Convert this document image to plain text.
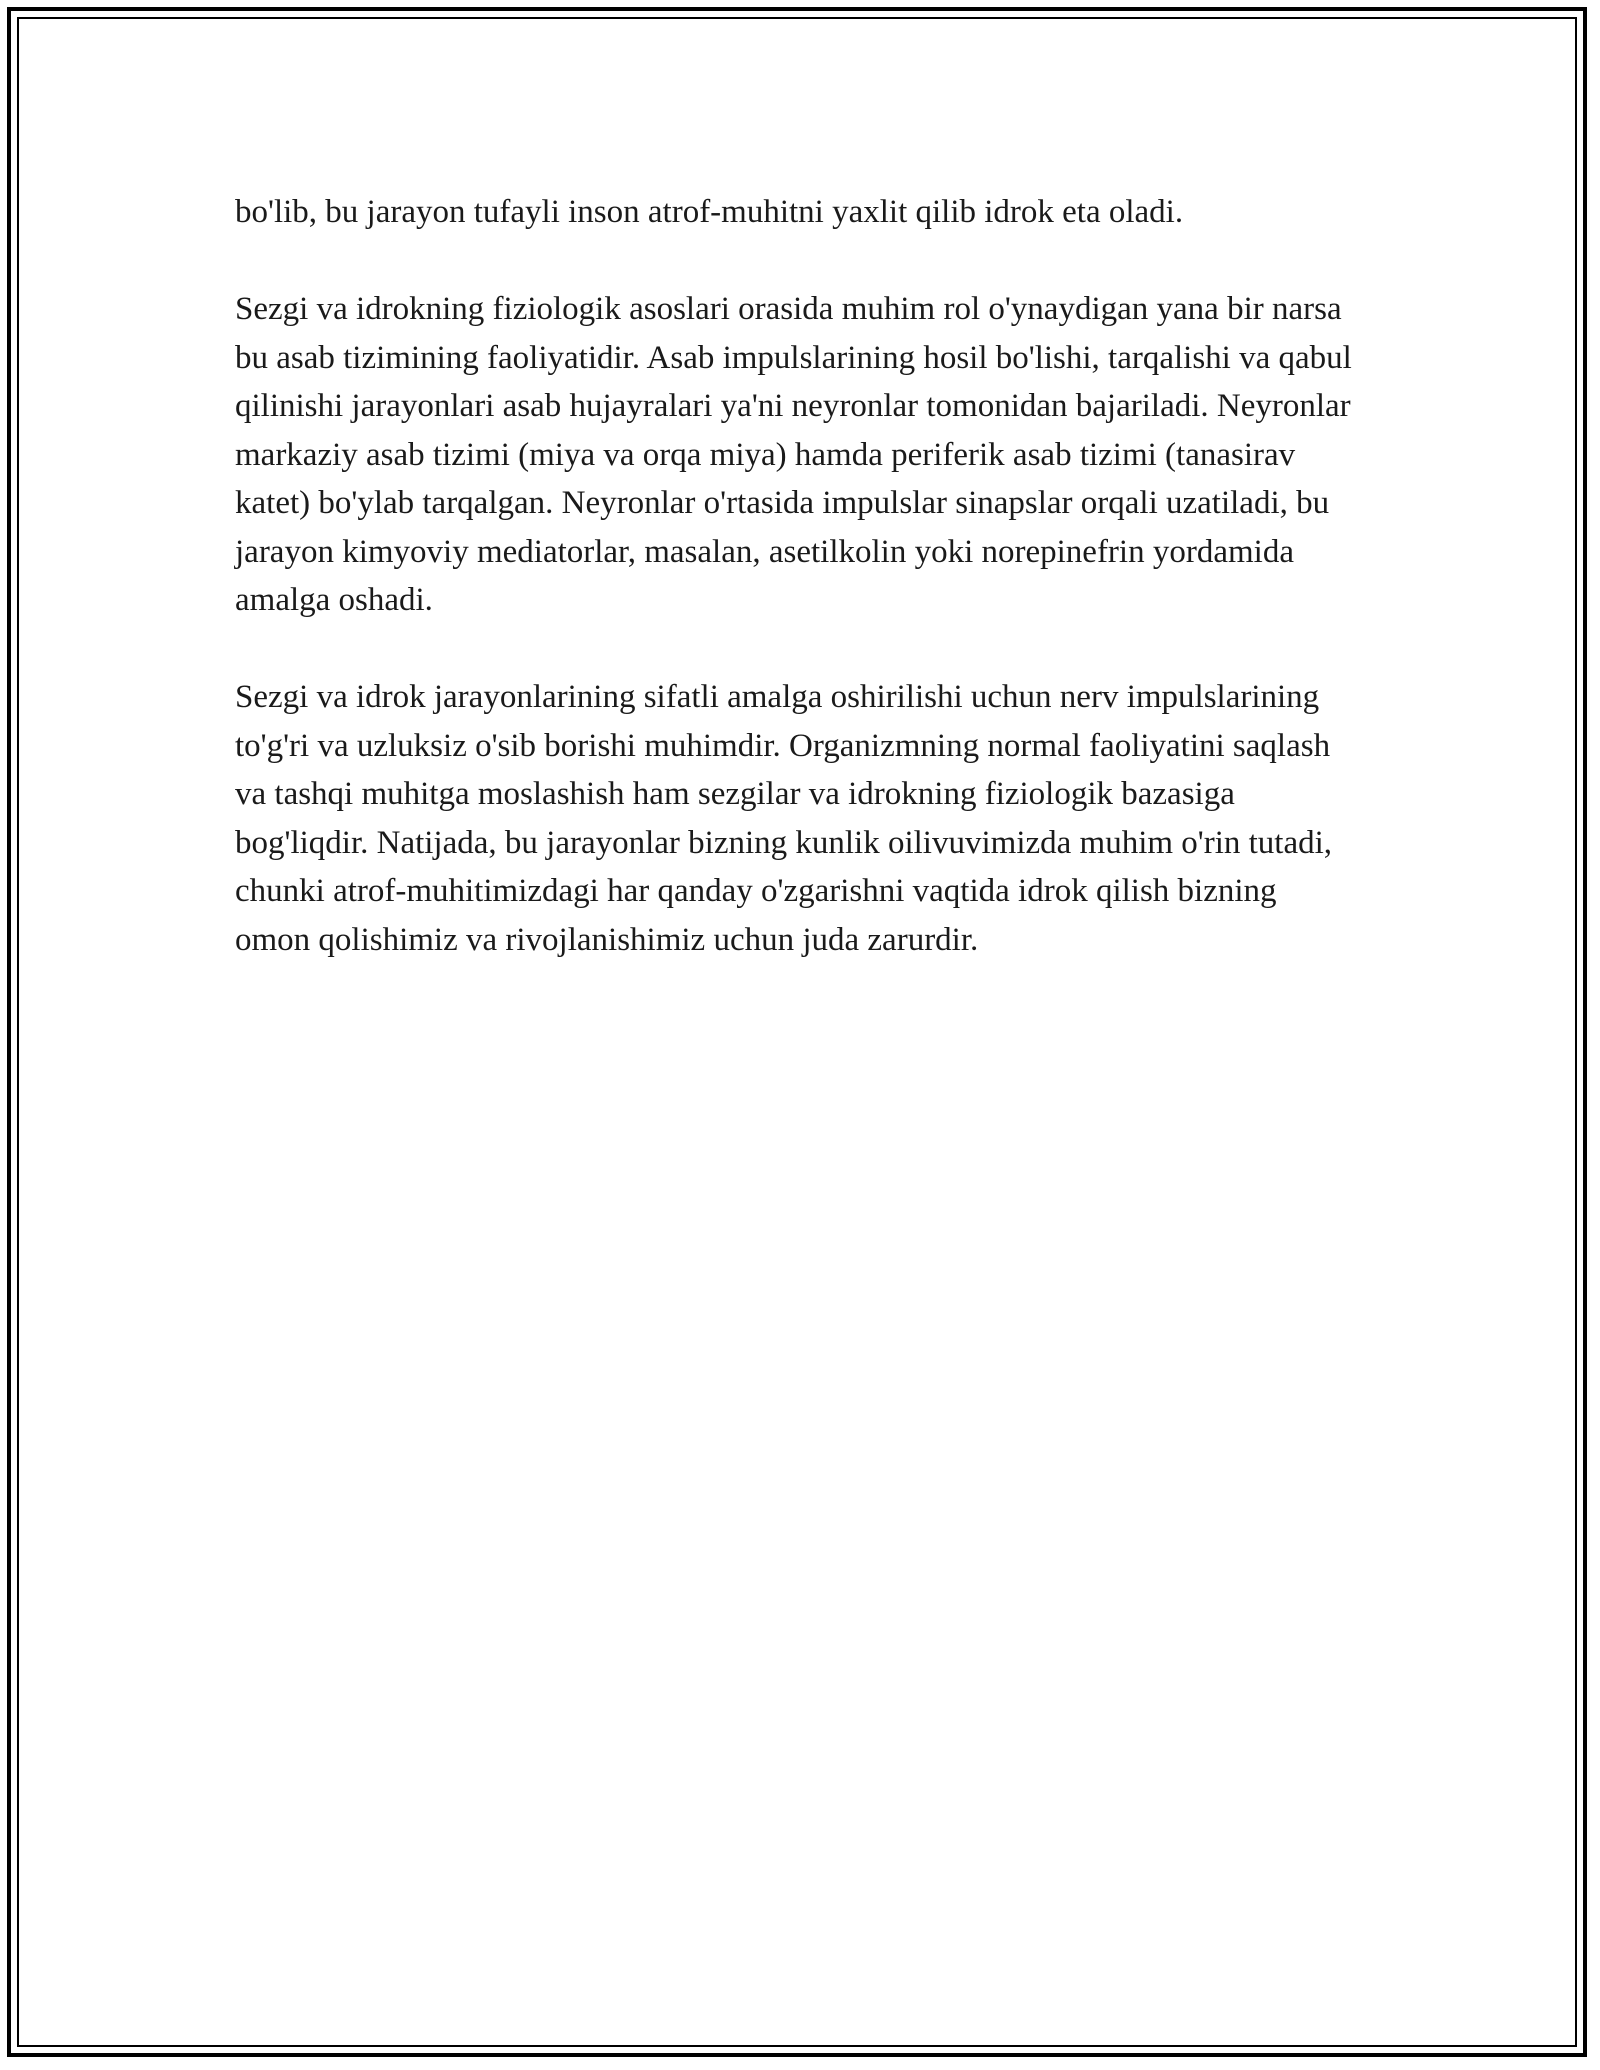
bo'lib, bu jarayon tufayli inson atrof-muhitni yaxlit qilib idrok eta oladi.

Sezgi va idrokning fiziologik asoslari orasida muhim rol o'ynaydigan yana bir narsa bu asab tizimining faoliyatidir. Asab impulslarining hosil bo'lishi, tarqalishi va qabul qilinishi jarayonlari asab hujayralari ya'ni neyronlar tomonidan bajariladi. Neyronlar markaziy asab tizimi (miya va orqa miya) hamda periferik asab tizimi (tanasirav katet) bo'ylab tarqalgan. Neyronlar o'rtasida impulslar sinapslar orqali uzatiladi, bu jarayon kimyoviy mediatorlar, masalan, asetilkolin yoki norepinefrin yordamida amalga oshadi.

Sezgi va idrok jarayonlarining sifatli amalga oshirilishi uchun nerv impulslarining to'g'ri va uzluksiz o'sib borishi muhimdir. Organizmning normal faoliyatini saqlash va tashqi muhitga moslashish ham sezgilar va idrokning fiziologik bazasiga bog'liqdir. Natijada, bu jarayonlar bizning kunlik oilivuvimizda muhim o'rin tutadi, chunki atrof-muhitimizdagi har qanday o'zgarishni vaqtida idrok qilish bizning omon qolishimiz va rivojlanishimiz uchun juda zarurdir.
